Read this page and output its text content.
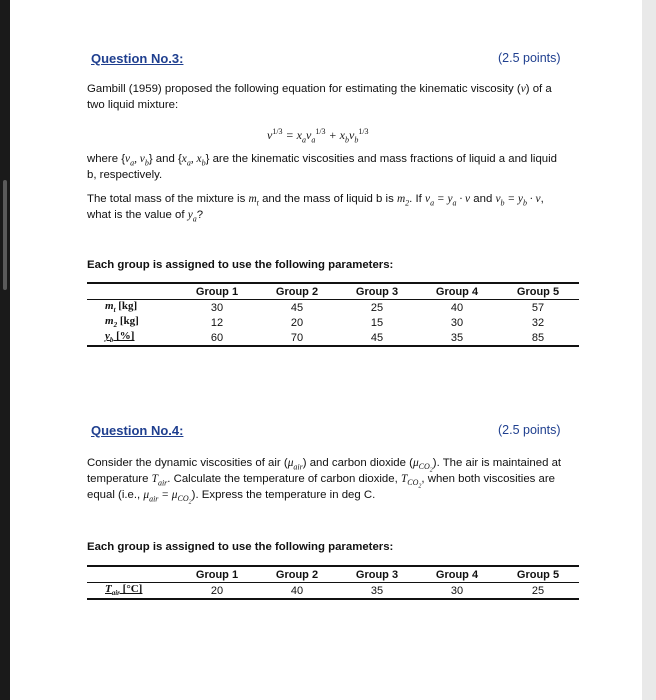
Question No.3:	(2.5 points)
Gambill (1959) proposed the following equation for estimating the kinematic viscosity (ν) of a
two liquid mixture:
$\nu^{1/3} = x_a\nu_a^{1/3} + x_b\nu_b^{1/3}$
where {$\nu_a$, $\nu_b$} and {$x_a$, $x_b$} are the kinematic viscosities and mass fractions of liquid a and liquid
b, respectively.
The total mass of the mixture is $m_t$ and the mass of liquid b is $m_2$. If $\nu_a = y_a \cdot \nu$ and $\nu_b = y_b \cdot \nu$,
what is the value of $y_a$?
Each group is assigned to use the following parameters:
	Group 1	Group 2	Group 3	Group 4	Group 5
$m_t$ [kg]	30	45	25	40	57
$m_2$ [kg]	12	20	15	30	32
$y_b$ [%]	60	70	45	35	85
Question No.4:	(2.5 points)
Consider the dynamic viscosities of air $(\mu_{air})$ and carbon dioxide $(\mu_{CO_2})$. The air is maintained at
temperature $T_{air}$. Calculate the temperature of carbon dioxide, $T_{CO_2}$, when both viscosities are
equal (i.e., $\mu_{air} = \mu_{CO_2}$). Express the temperature in deg C.
Each group is assigned to use the following parameters:
	Group 1	Group 2	Group 3	Group 4	Group 5
$T_{air}$ [°C]	20	40	35	30	25
